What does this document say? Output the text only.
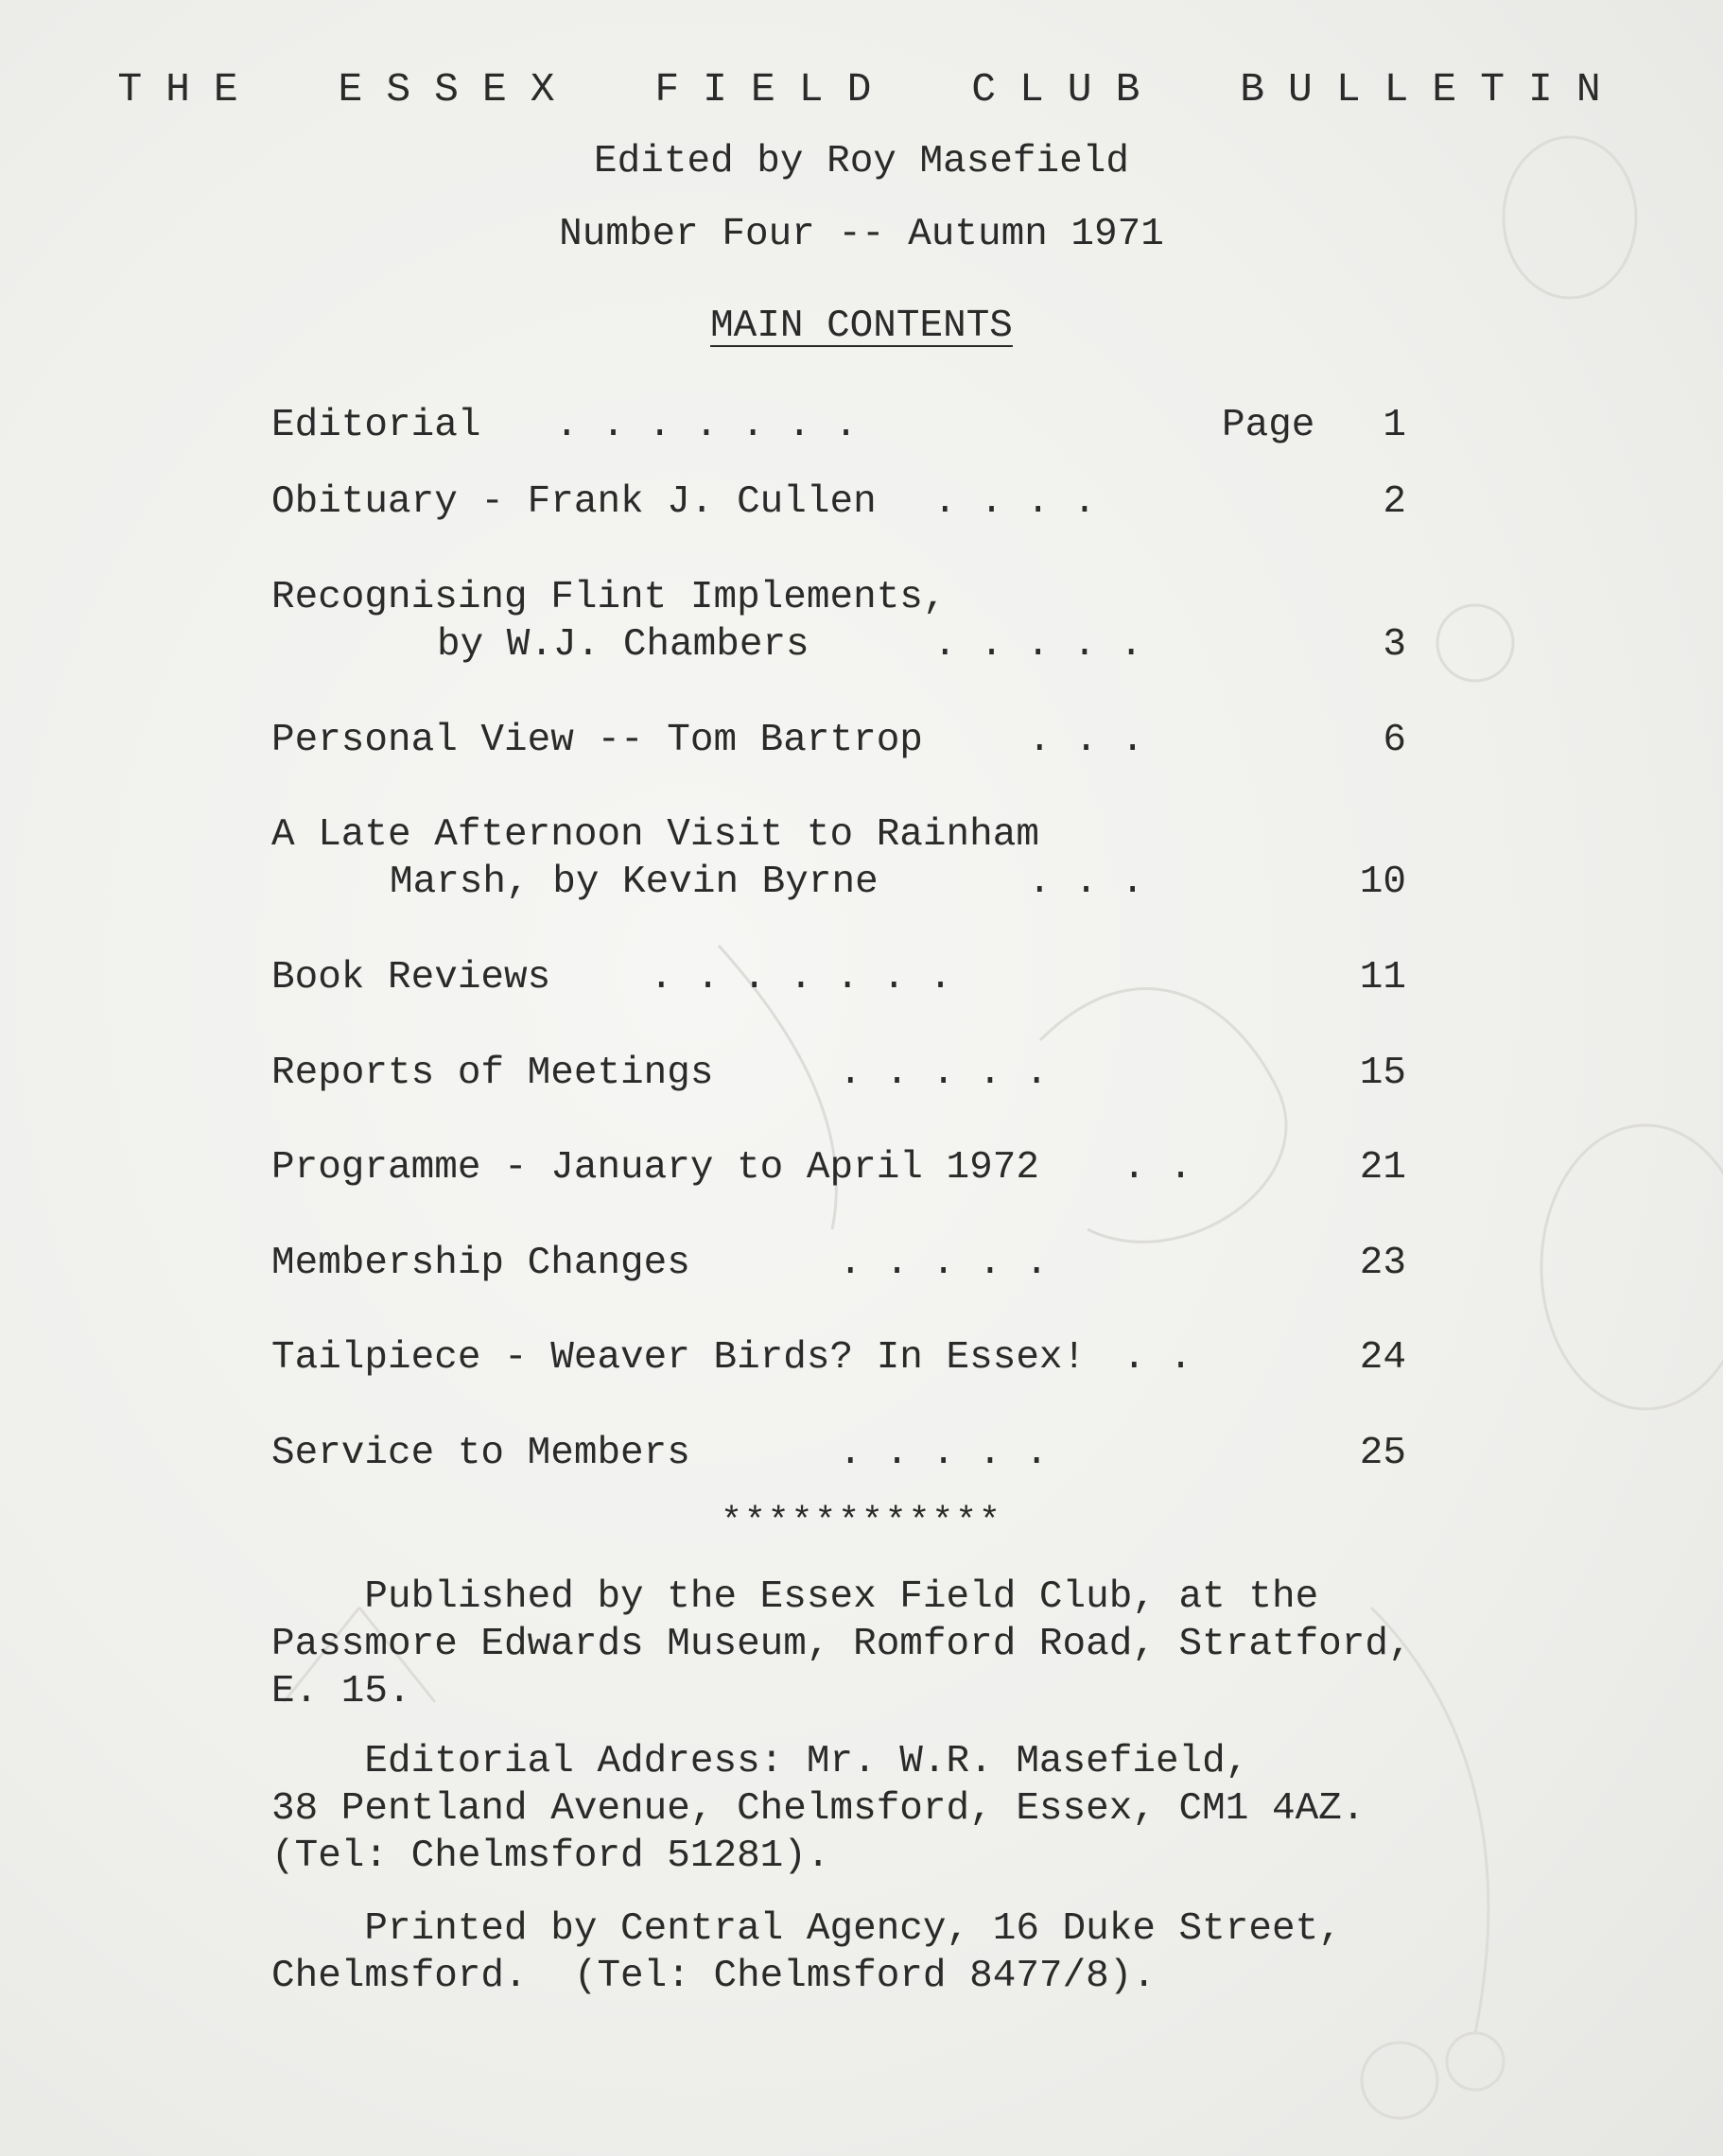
THE ESSEX FIELD CLUB BULLETIN
Edited by Roy Masefield
Number Four -- Autumn 1971
MAIN CONTENTS
Editorial . . . . . . .	Page	1
Obituary - Frank J. Cullen . . . .	2
Recognising Flint Implements,
by W.J. Chambers	. . . . .	3
Personal View -- Tom Bartrop	. . .	6
A Late Afternoon Visit to Rainham
Marsh, by Kevin Byrne	. . .	10
Book Reviews	. . . . . . .	11
Reports of Meetings	. . . . .	15
Programme - January to April 1972 . .	21
Membership Changes	. . . . .	23
Tailpiece - Weaver Birds? In Essex! . .	24
Service to Members	. . . . .	25
************
Published by the Essex Field Club, at the
Passmore Edwards Museum, Romford Road, Stratford,
E. 15.
Editorial Address: Mr. W.R. Masefield,
38 Pentland Avenue, Chelmsford, Essex, CM1 4AZ.
(Tel: Chelmsford 51281).
Printed by Central Agency, 16 Duke Street,
Chelmsford.  (Tel: Chelmsford 8477/8).
